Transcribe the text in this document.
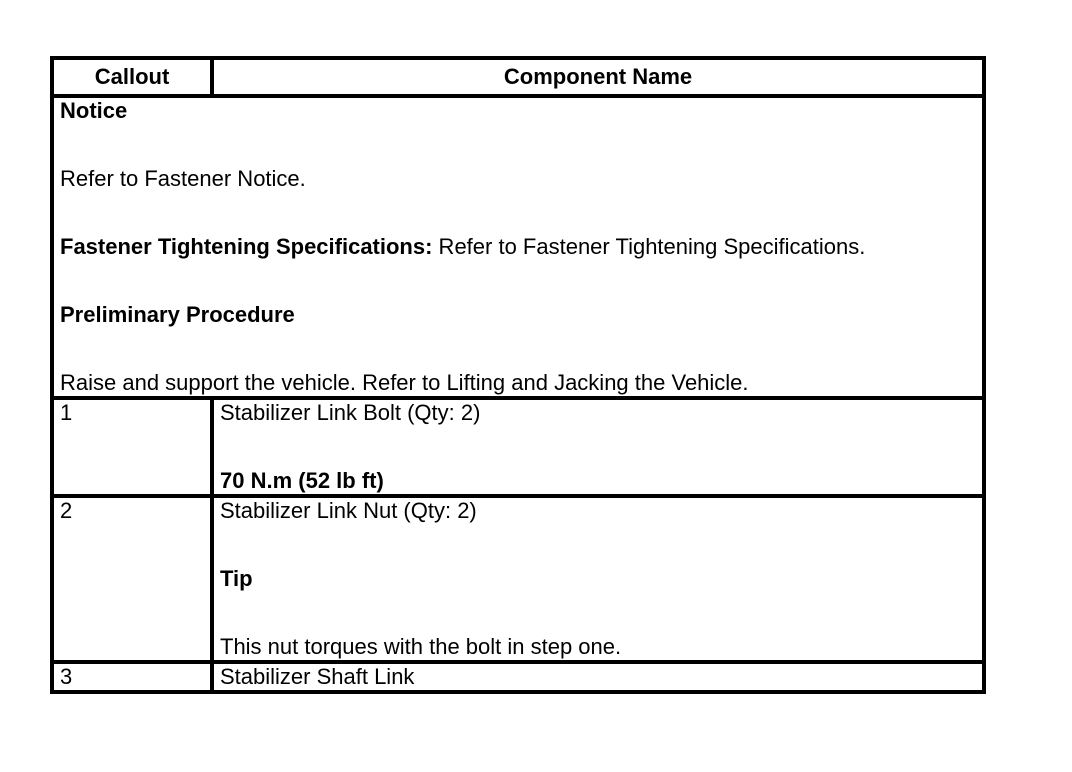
Callout	Component Name

Notice

Refer to Fastener Notice.

Fastener Tightening Specifications: Refer to Fastener Tightening Specifications.

Preliminary Procedure

Raise and support the vehicle. Refer to Lifting and Jacking the Vehicle.	

1	Stabilizer Link Bolt (Qty: 2)

70 N.m (52 lb ft)

2	Stabilizer Link Nut (Qty: 2)

Tip

This nut torques with the bolt in step one.

3	Stabilizer Shaft Link
